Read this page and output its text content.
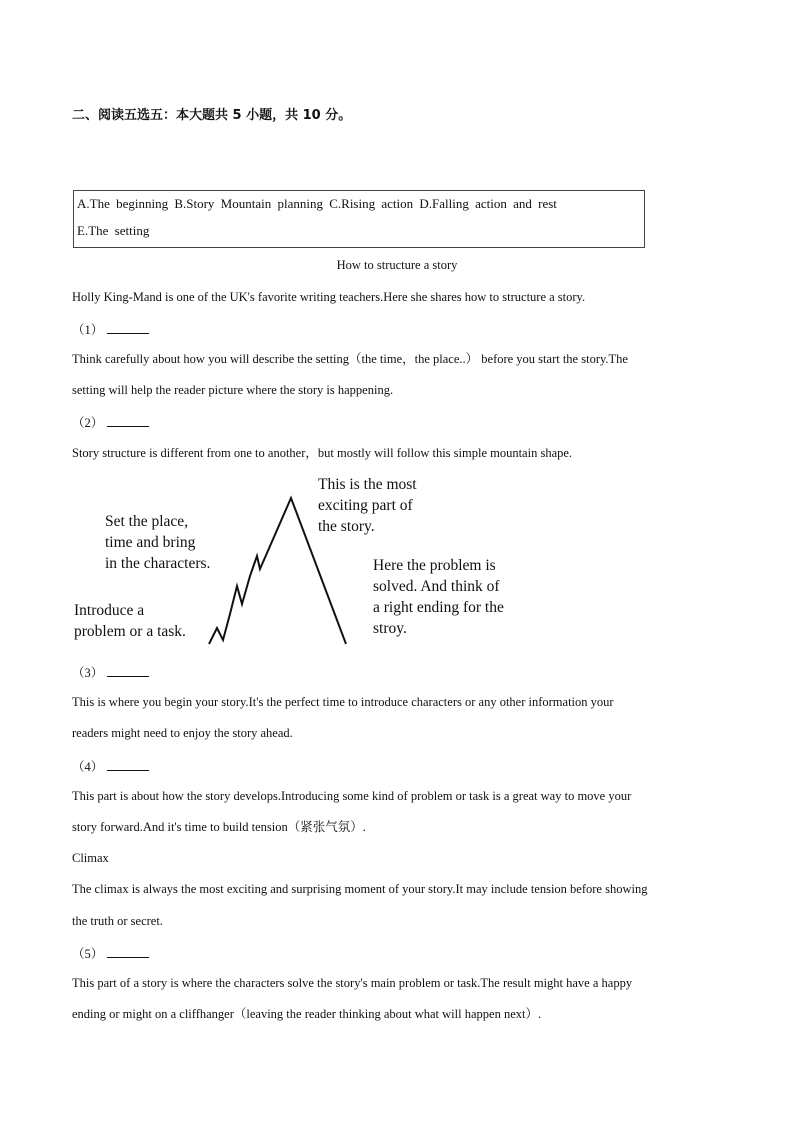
二、阅读五选五：本大题共 5 小题，共 10 分。
A.The beginning B.Story Mountain planning C.Rising action D.Falling action and rest
E.The setting
How to structure a story
Holly King-Mand is one of the UK's favorite writing teachers.Here she shares how to structure a story.
（1）
Think carefully about how you will describe the setting（the time，the place..） before you start the story.The
setting will help the reader picture where the story is happening.
（2）
Story structure is different from one to another，but mostly will follow this simple mountain shape.
Set the place,
time and bring
in the characters.
Introduce a
problem or a task.
This is the most
exciting part of
the story.
Here the problem is
solved. And think of
a right ending for the
stroy.
（3）
This is where you begin your story.It's the perfect time to introduce characters or any other information your
readers might need to enjoy the story ahead.
（4）
This part is about how the story develops.Introducing some kind of problem or task is a great way to move your
story forward.And it's time to build tension（紧张气氛）.
Climax
The climax is always the most exciting and surprising moment of your story.It may include tension before showing
the truth or secret.
（5）
This part of a story is where the characters solve the story's main problem or task.The result might have a happy
ending or might on a cliffhanger（leaving the reader thinking about what will happen next）.
